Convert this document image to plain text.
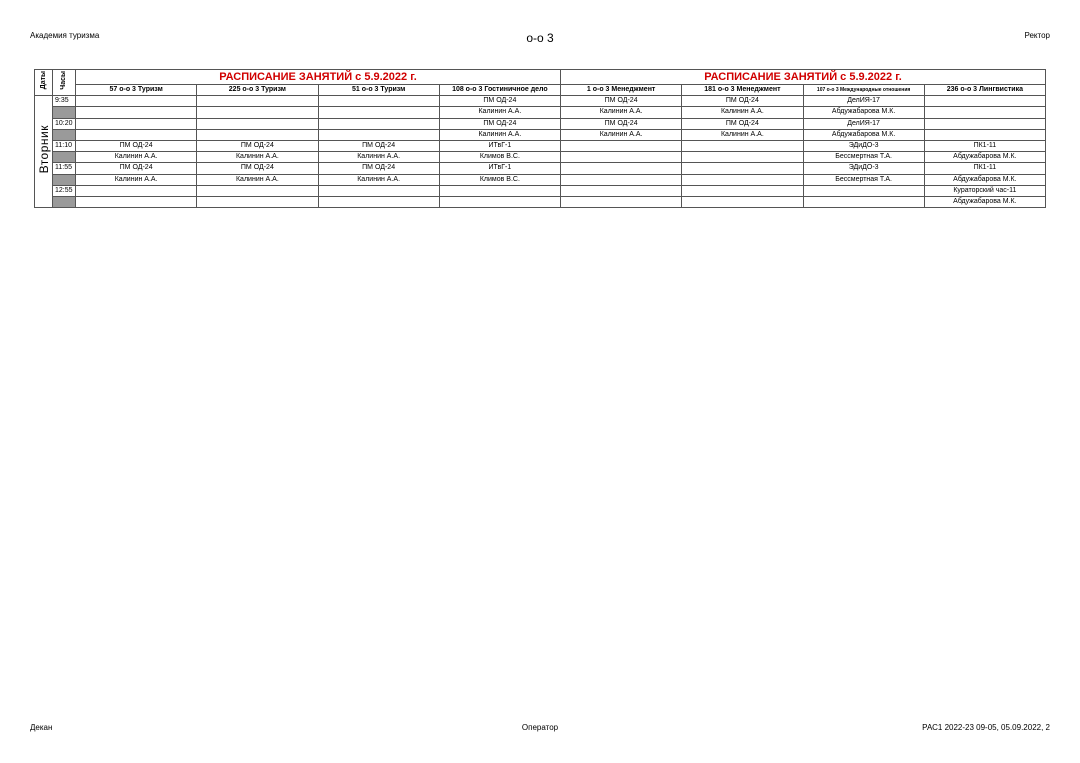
Академия туризма	о-о 3	Ректор
Даты	Часы	РАСПИСАНИЕ ЗАНЯТИЙ с 5.9.2022 г.				РАСПИСАНИЕ ЗАНЯТИЙ с 5.9.2022 г.			
		57 о-о 3 Туризм	225 о-о 3 Туризм	51 о-о 3 Туризм	108 о-о 3 Гостиничное дело	1 о-о 3 Менеджмент	181 о-о 3 Менеджмент	107 о-о 3 Международные отношения	236 о-о 3 Лингвистика
Вторник	9:35				ПМ ОД-24	ПМ ОД-24	ПМ ОД-24	ДелИЯ-17	
					Калинин А.А.	Калинин А.А.	Калинин А.А.	Абдужабарова М.К.	
	10:20				ПМ ОД-24	ПМ ОД-24	ПМ ОД-24	ДелИЯ-17	
					Калинин А.А.	Калинин А.А.	Калинин А.А.	Абдужабарова М.К.	
	11:10	ПМ ОД-24	ПМ ОД-24	ПМ ОД-24	ИТвГ-1			ЭДиДО-3	ПК1-11
		Калинин А.А.	Калинин А.А.	Калинин А.А.	Климов В.С.			Бессмертная Т.А.	Абдужабарова М.К.
	11:55	ПМ ОД-24	ПМ ОД-24	ПМ ОД-24	ИТвГ-1			ЭДиДО-3	ПК1-11
		Калинин А.А.	Калинин А.А.	Калинин А.А.	Климов В.С.			Бессмертная Т.А.	Абдужабарова М.К.
	12:55								Кураторский час-11
									Абдужабарова М.К.
Декан	Оператор	РАС1 2022-23 09-05, 05.09.2022, 2
